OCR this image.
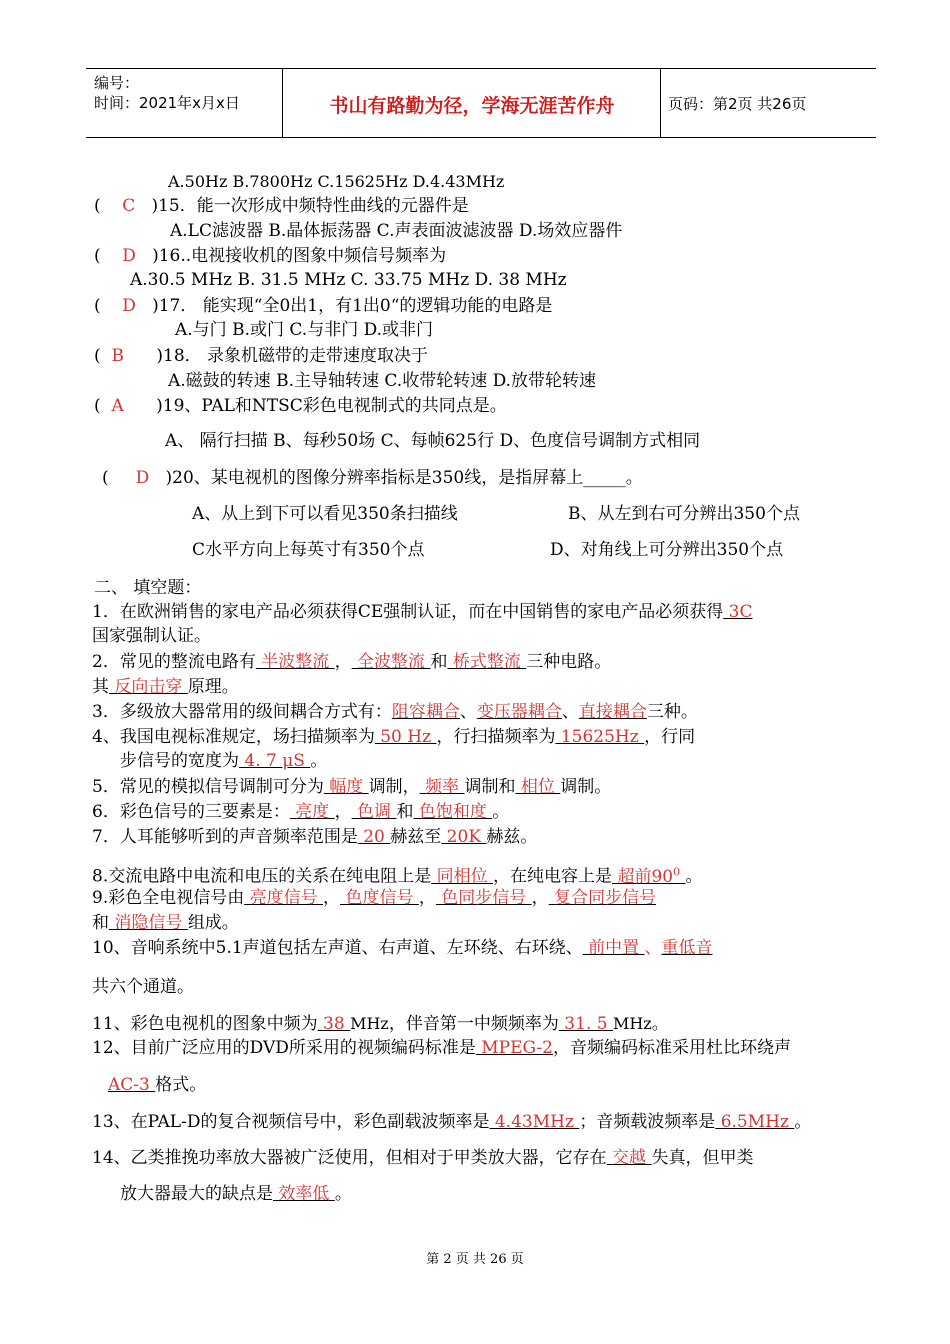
编号：
时间：2021年x月x日	书山有路勤为径，学海无涯苦作舟	页码：第2页 共26页
A.50Hz B.7800Hz C.15625Hz D.4.43MHz
(    C )15．能一次形成中频特性曲线的元器件是
A.LC滤波器 B.晶体振荡器 C.声表面波滤波器 D.场效应器件
(    D )16..电视接收机的图象中频信号频率为
A.30.5 MHz B. 31.5 MHz C. 33.75 MHz D. 38 MHz
(    D )17． 能实现“全0出1，有1出0“的逻辑功能的电路是
A.与门 B.或门 C.与非门 D.或非门
(  B )18． 录象机磁带的走带速度取决于
A.磁鼓的转速 B.主导轴转速 C.收带轮转速 D.放带轮转速
(  A )19、PAL和NTSC彩色电视制式的共同点是。
A、 隔行扫描 B、每秒50场 C、每帧625行 D、色度信号调制方式相同
(     D )20、某电视机的图像分辨率指标是350线，是指屏幕上_____。
A、从上到下可以看见350条扫描线	B、从左到右可分辨出350个点
C水平方向上每英寸有350个点	D、对角线上可分辨出350个点
二、 填空题：
1．在欧洲销售的家电产品必须获得CE强制认证，而在中国销售的家电产品必须获得 3C
国家强制认证。
2．常见的整流电路有 半波整流 ， 全波整流 和 桥式整流 三种电路。
其 反向击穿 原理。
3．多级放大器常用的级间耦合方式有：阻容耦合、变压器耦合、直接耦合三种。
4、我国电视标准规定，场扫描频率为 50 Hz ，行扫描频率为 15625Hz ，行同
步信号的宽度为 4. 7 μS 。
5．常见的模拟信号调制可分为 幅度 调制， 频率 调制和 相位 调制。
6．彩色信号的三要素是： 亮度 ， 色调 和 色饱和度 。
7．人耳能够听到的声音频率范围是 20 赫兹至 20K 赫兹。
8.交流电路中电流和电压的关系在纯电阻上是 同相位 ，在纯电容上是 超前$90^0$ 。
9.彩色全电视信号由 亮度信号 ， 色度信号 ， 色同步信号 ， 复合同步信号
和 消隐信号 组成。
10、音响系统中5.1声道包括左声道、右声道、左环绕、右环绕、 前中置 、重低音
共六个通道。
11、彩色电视机的图象中频为 38 MHz，伴音第一中频频率为 31. 5 MHz。
12、目前广泛应用的DVD所采用的视频编码标准是 MPEG-2，音频编码标准采用杜比环绕声
AC-3 格式。
13、在PAL-D的复合视频信号中，彩色副载波频率是 4.43MHz ；音频载波频率是 6.5MHz 。
14、乙类推挽功率放大器被广泛使用，但相对于甲类放大器，它存在 交越 失真，但甲类
放大器最大的缺点是 效率低 。
第 2 页 共 26 页
